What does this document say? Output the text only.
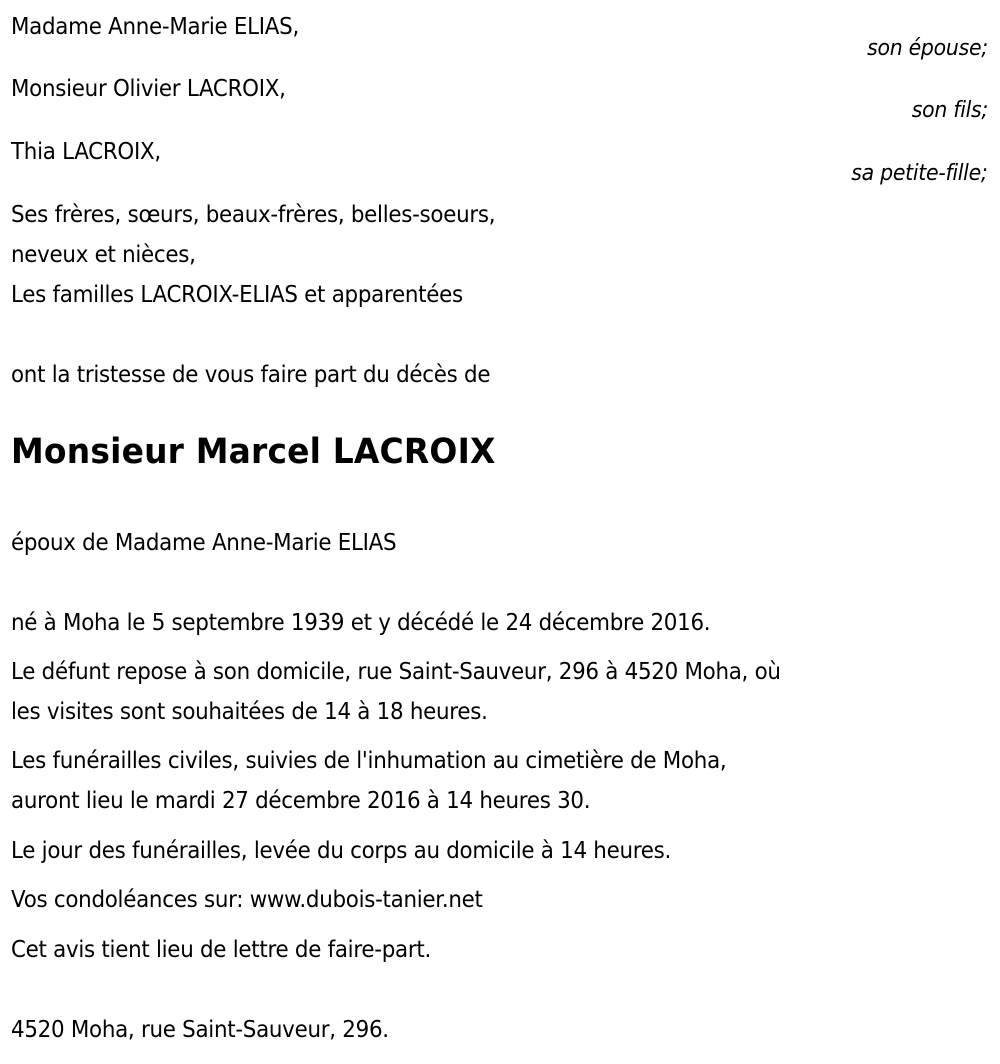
Madame Anne-Marie ELIAS,
son épouse;
Monsieur Olivier LACROIX,
son fils;
Thia LACROIX,
sa petite-fille;
Ses frères, sœurs, beaux-frères, belles-soeurs,
neveux et nièces,
Les familles LACROIX-ELIAS et apparentées
ont la tristesse de vous faire part du décès de
Monsieur Marcel LACROIX
époux de Madame Anne-Marie ELIAS
né à Moha le 5 septembre 1939 et y décédé le 24 décembre 2016.
Le défunt repose à son domicile, rue Saint-Sauveur, 296 à 4520 Moha, où
les visites sont souhaitées de 14 à 18 heures.
Les funérailles civiles, suivies de l'inhumation au cimetière de Moha,
auront lieu le mardi 27 décembre 2016 à 14 heures 30.
Le jour des funérailles, levée du corps au domicile à 14 heures.
Vos condoléances sur: www.dubois-tanier.net
Cet avis tient lieu de lettre de faire-part.
4520 Moha, rue Saint-Sauveur, 296.
